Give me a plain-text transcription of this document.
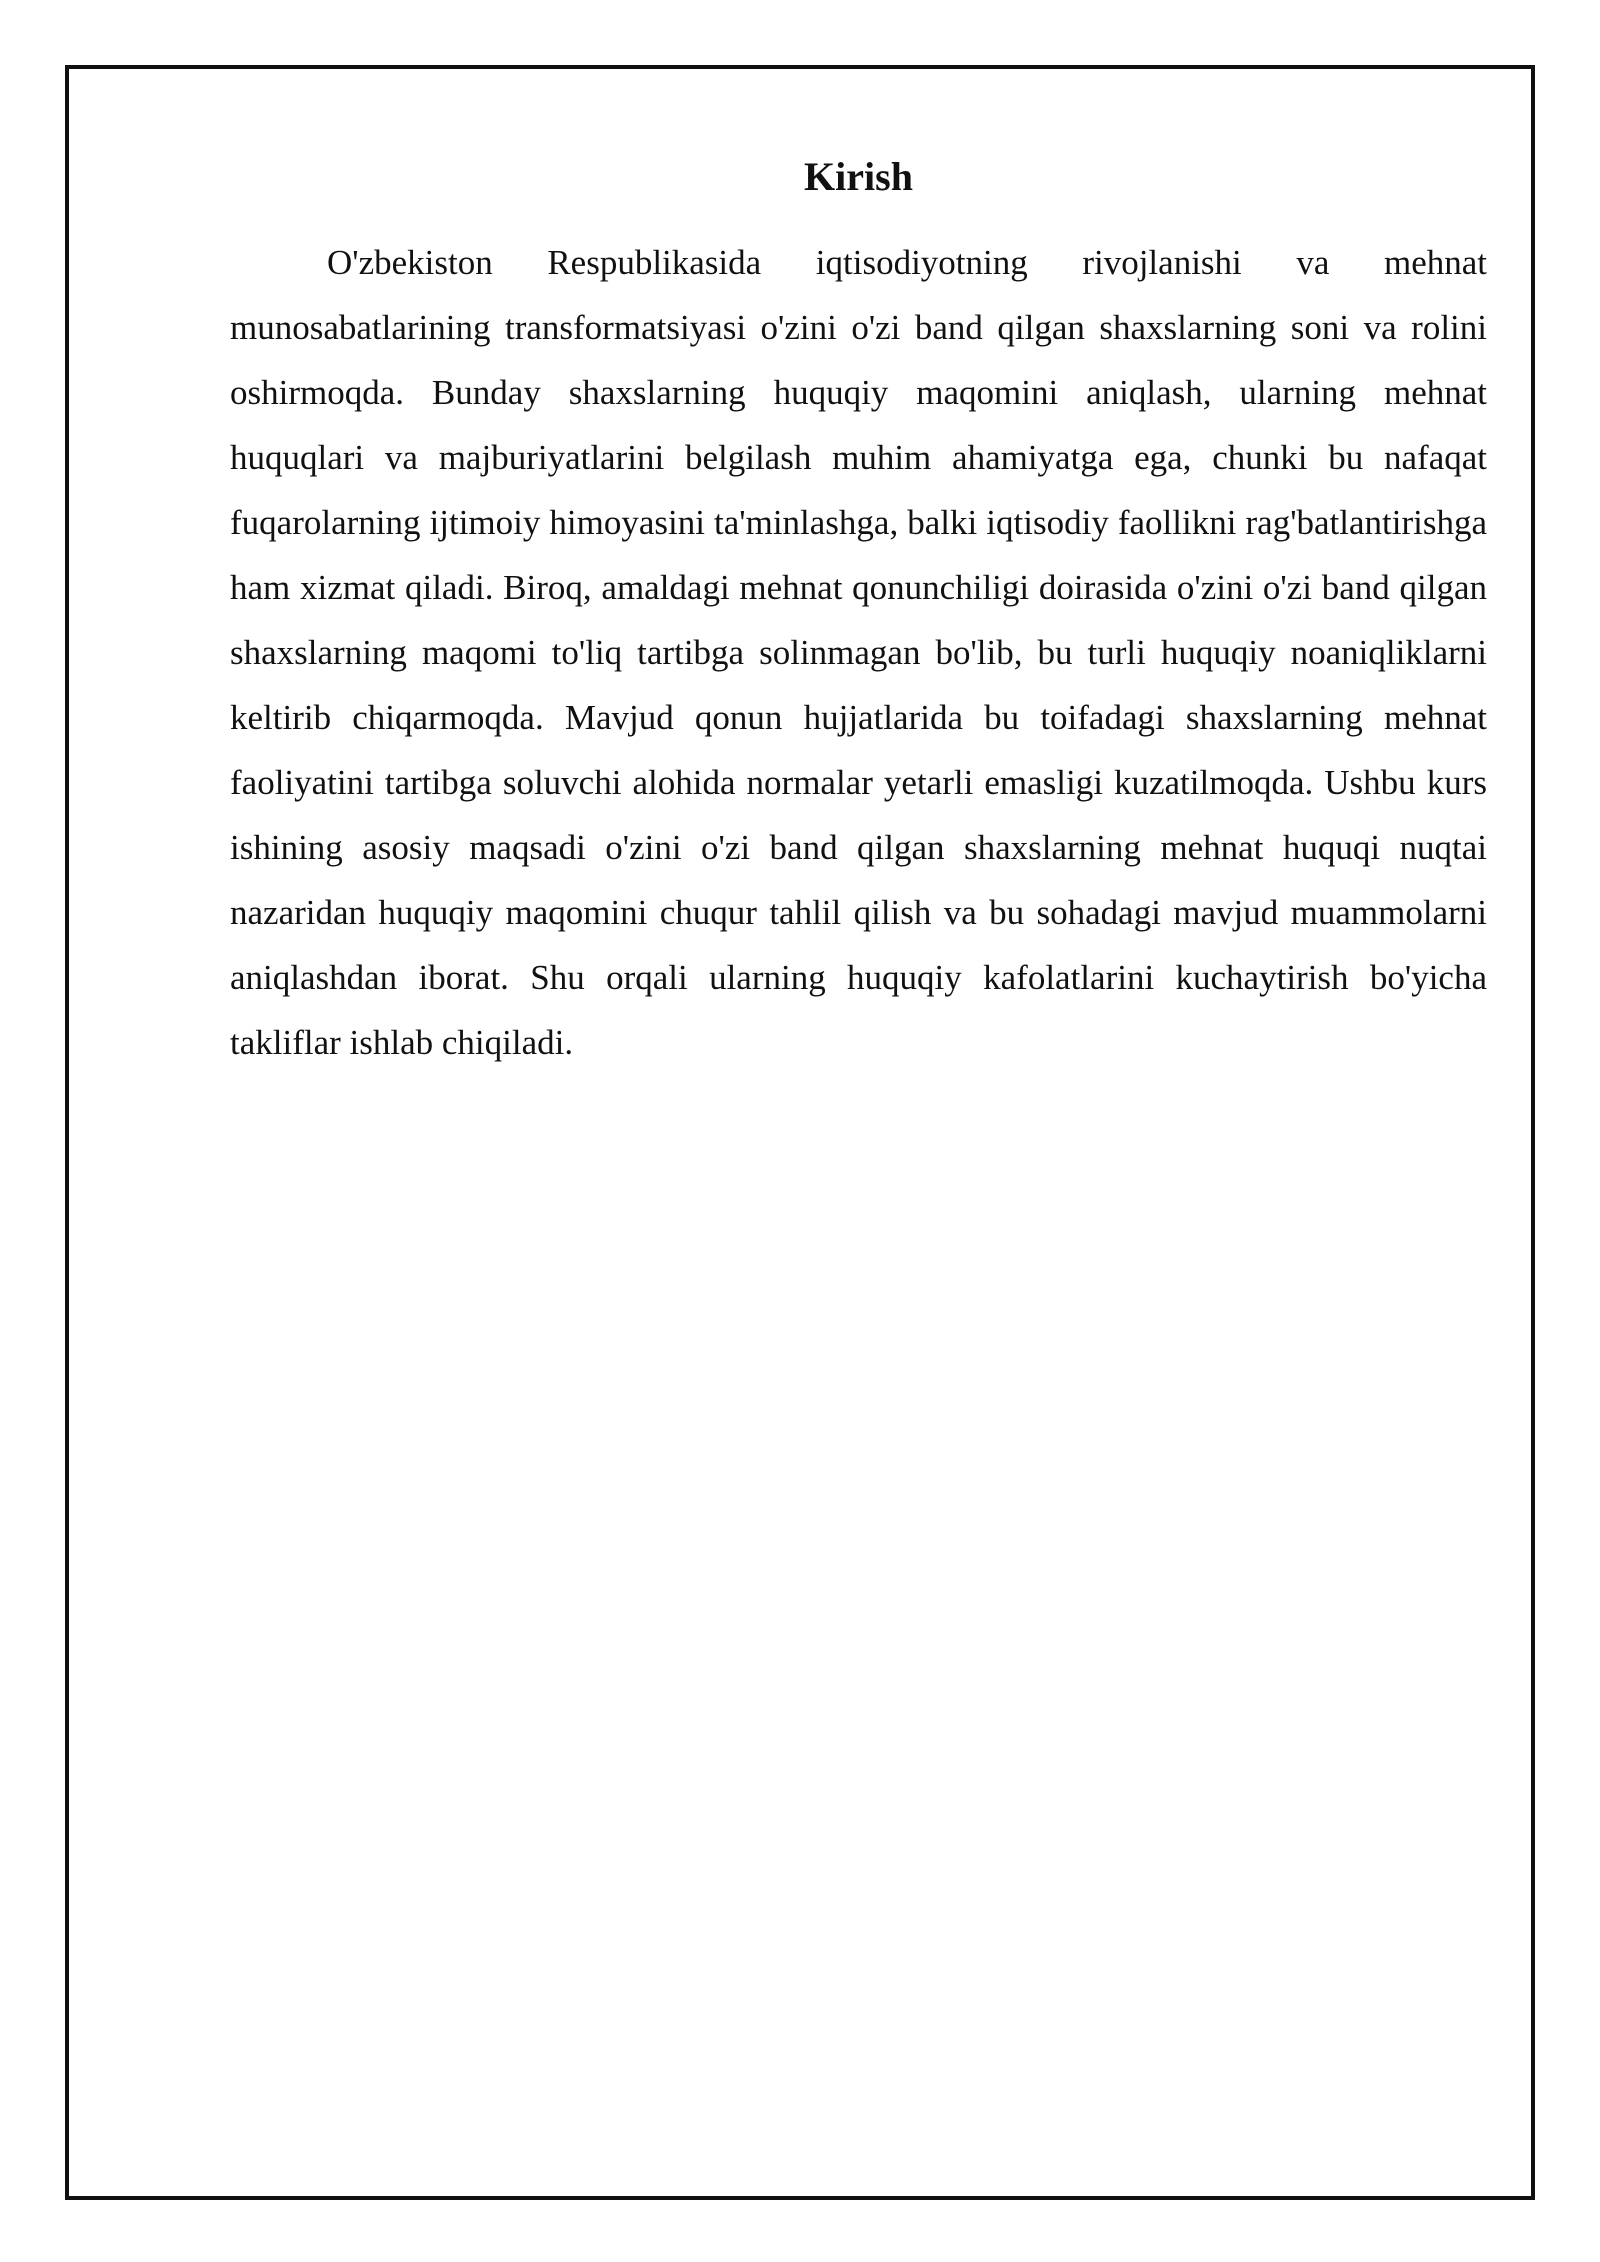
Kirish

O'zbekiston Respublikasida iqtisodiyotning rivojlanishi va mehnat munosabatlarining transformatsiyasi o'zini o'zi band qilgan shaxslarning soni va rolini oshirmoqda. Bunday shaxslarning huquqiy maqomini aniqlash, ularning mehnat huquqlari va majburiyatlarini belgilash muhim ahamiyatga ega, chunki bu nafaqat fuqarolarning ijtimoiy himoyasini ta'minlashga, balki iqtisodiy faollikni rag'batlantirishga ham xizmat qiladi. Biroq, amaldagi mehnat qonunchiligi doirasida o'zini o'zi band qilgan shaxslarning maqomi to'liq tartibga solinmagan bo'lib, bu turli huquqiy noaniqliklarni keltirib chiqarmoqda. Mavjud qonun hujjatlarida bu toifadagi shaxslarning mehnat faoliyatini tartibga soluvchi alohida normalar yetarli emasligi kuzatilmoqda. Ushbu kurs ishining asosiy maqsadi o'zini o'zi band qilgan shaxslarning mehnat huquqi nuqtai nazaridan huquqiy maqomini chuqur tahlil qilish va bu sohadagi mavjud muammolarni aniqlashdan iborat. Shu orqali ularning huquqiy kafolatlarini kuchaytirish bo'yicha takliflar ishlab chiqiladi.
